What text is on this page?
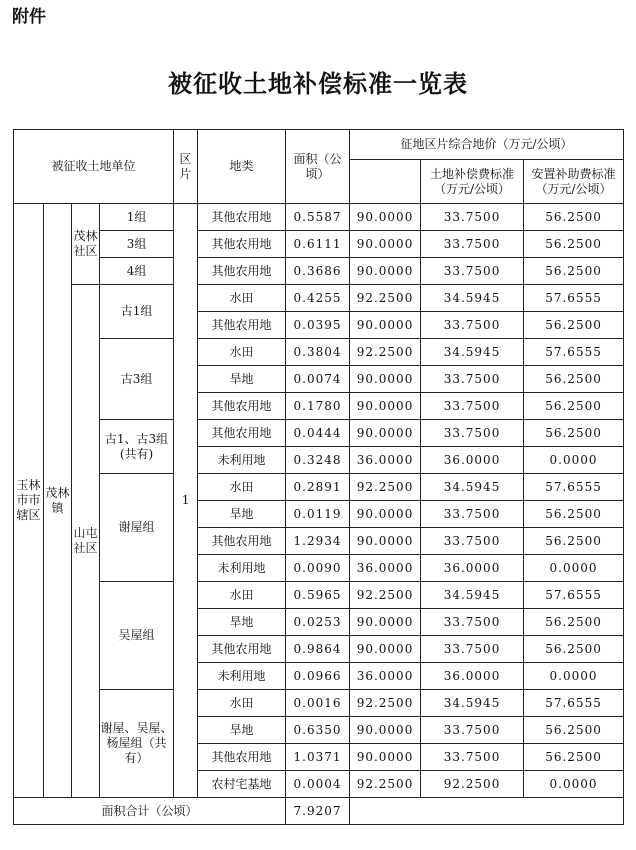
附件
被征收土地补偿标准一览表
被征收土地单位				区片	地类	面积（公顷）	征地区片综合地价（万元/公顷）		
								土地补偿费标准（万元/公顷）	安置补助费标准（万元/公顷）
玉林市市辖区	茂林镇	茂林社区	1组	1	其他农用地	0.5587	90.0000	33.7500	56.2500
			3组		其他农用地	0.6111	90.0000	33.7500	56.2500
			4组		其他农用地	0.3686	90.0000	33.7500	56.2500
		山屯社区	古1组		水田	0.4255	92.2500	34.5945	57.6555
					其他农用地	0.0395	90.0000	33.7500	56.2500
			古3组		水田	0.3804	92.2500	34.5945	57.6555
					旱地	0.0074	90.0000	33.7500	56.2500
					其他农用地	0.1780	90.0000	33.7500	56.2500
			古1、古3组(共有)		其他农用地	0.0444	90.0000	33.7500	56.2500
					未利用地	0.3248	36.0000	36.0000	0.0000
			谢屋组		水田	0.2891	92.2500	34.5945	57.6555
					旱地	0.0119	90.0000	33.7500	56.2500
					其他农用地	1.2934	90.0000	33.7500	56.2500
					未利用地	0.0090	36.0000	36.0000	0.0000
			吴屋组		水田	0.5965	92.2500	34.5945	57.6555
					旱地	0.0253	90.0000	33.7500	56.2500
					其他农用地	0.9864	90.0000	33.7500	56.2500
					未利用地	0.0966	36.0000	36.0000	0.0000
			谢屋、吴屋、杨屋组（共有）		水田	0.0016	92.2500	34.5945	57.6555
					旱地	0.6350	90.0000	33.7500	56.2500
					其他农用地	1.0371	90.0000	33.7500	56.2500
					农村宅基地	0.0004	92.2500	92.2500	0.0000
面积合计（公顷）						7.9207			
